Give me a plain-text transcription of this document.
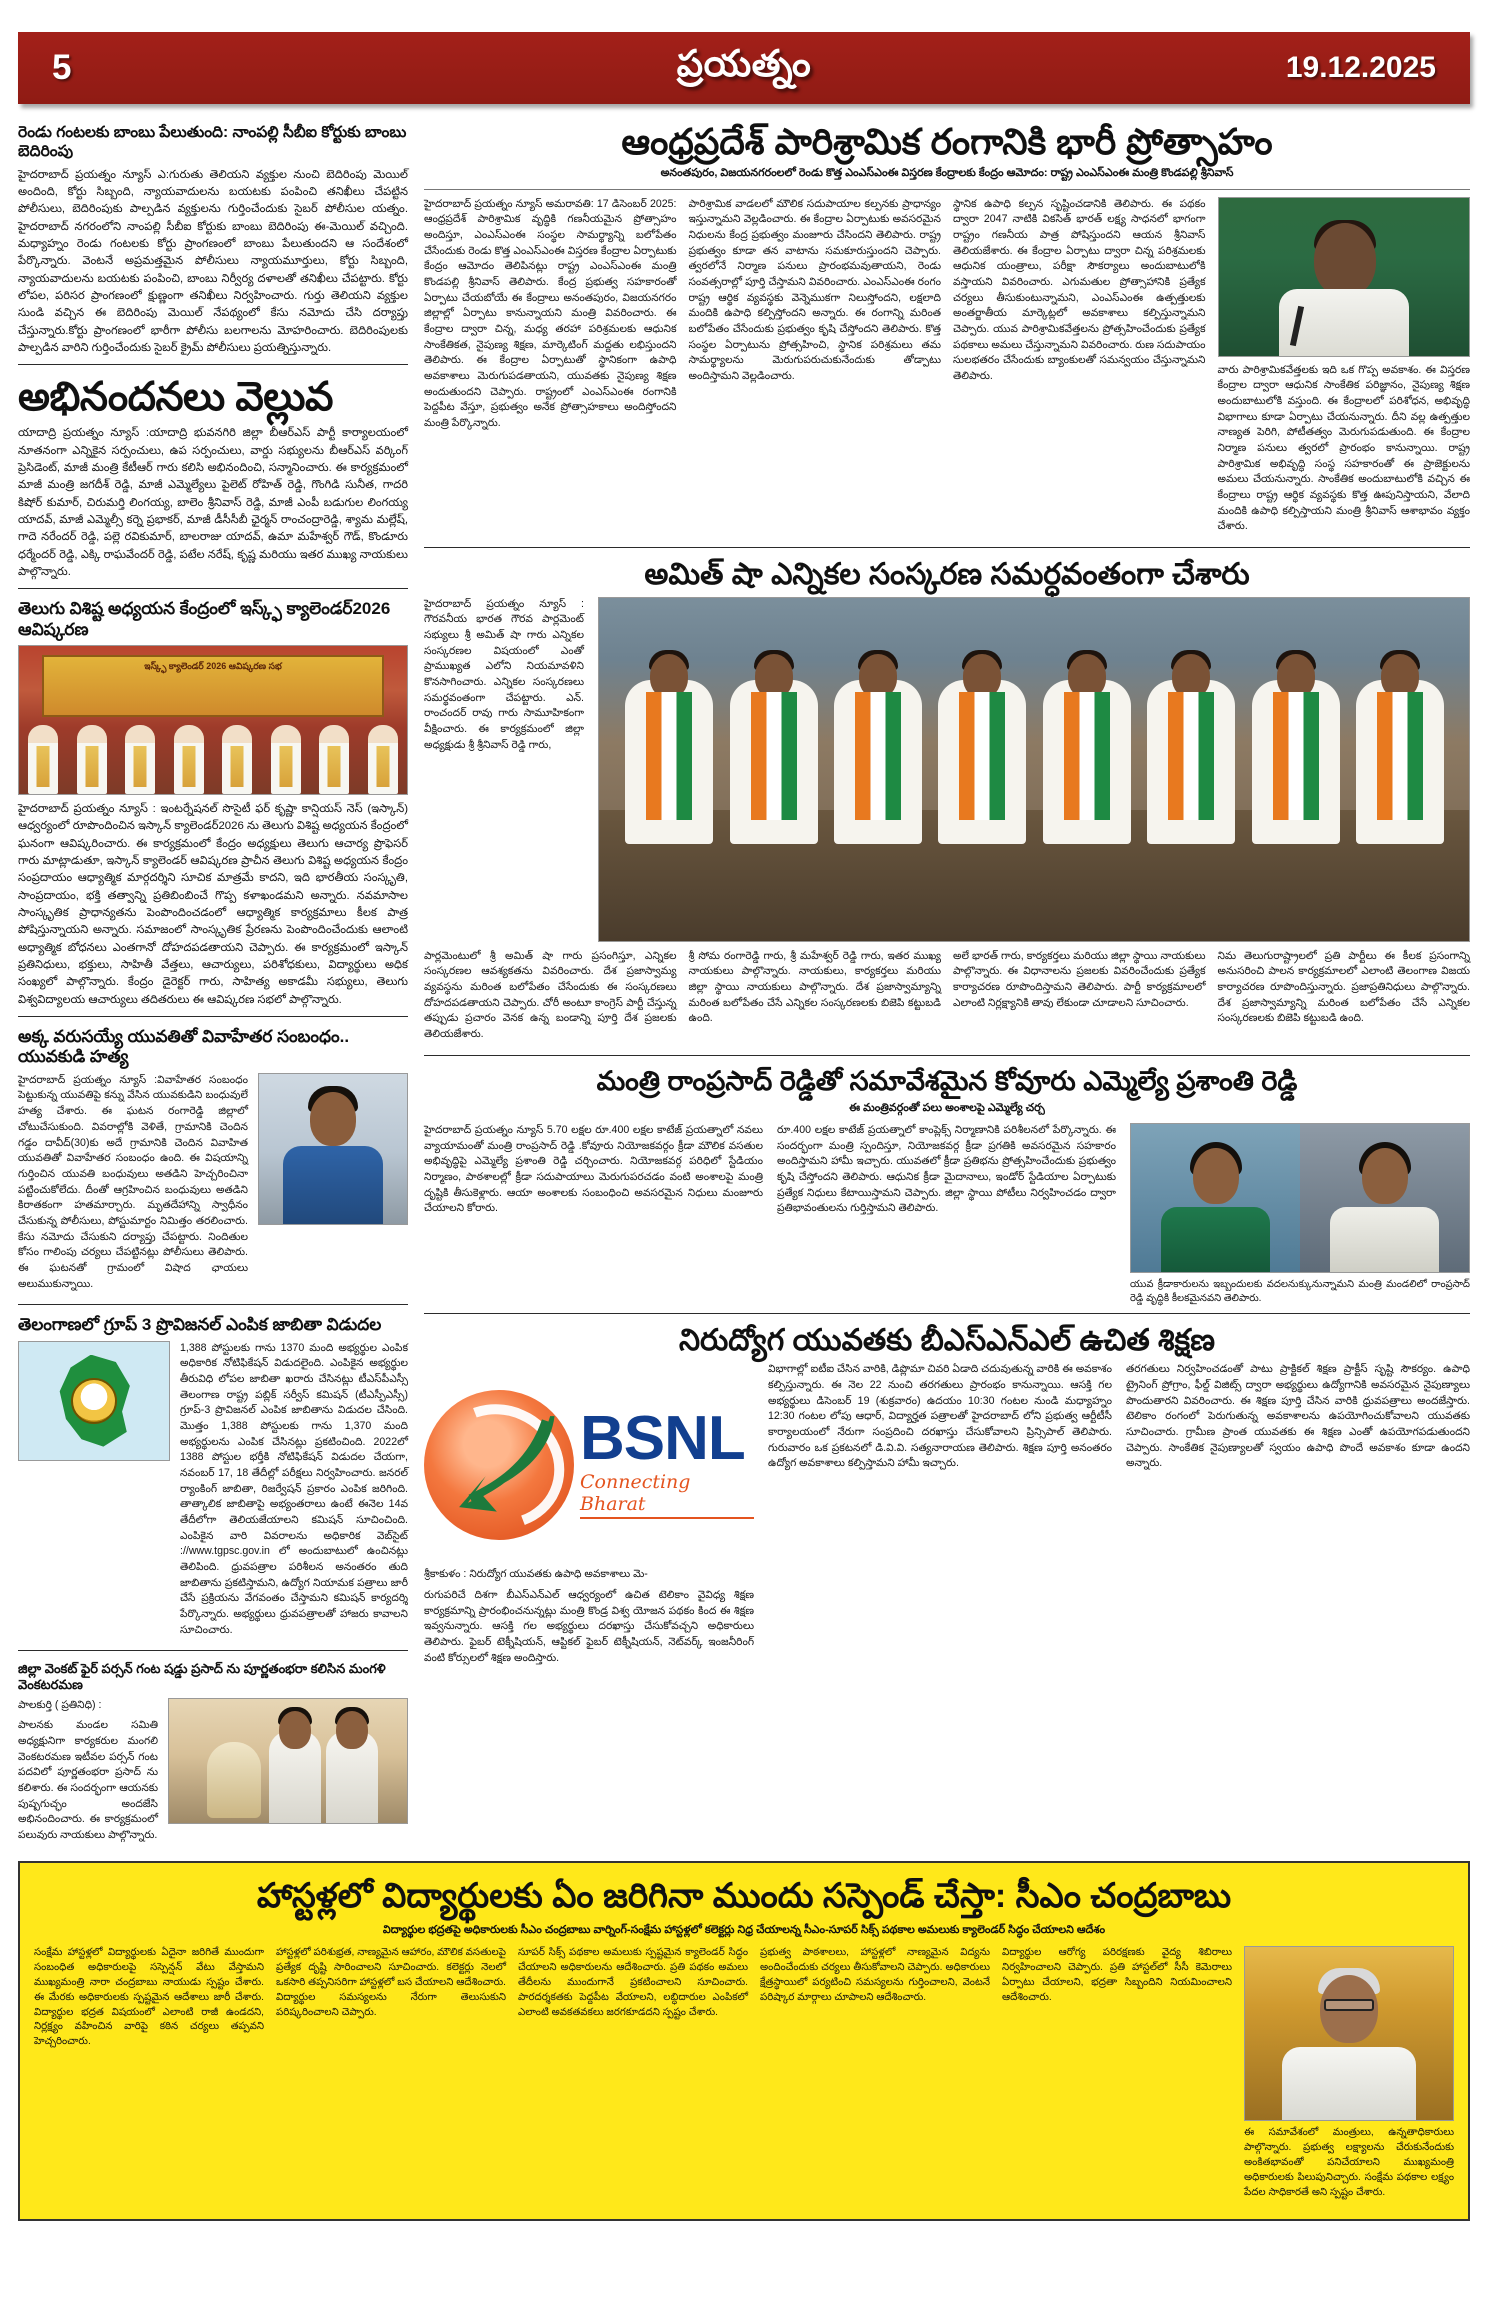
5	ప్రయత్నం	19.12.2025
రెండు గంటలకు బాంబు పేలుతుంది: నాంపల్లి సీబీఐ కోర్టుకు బాంబు బెదిరింపు
హైదరాబాద్ ప్రయత్నం న్యూస్ ఎ:గురుతు తెలియని వ్యక్తుల నుంచి బెదిరింపు మెయిల్ అందింది, కోర్టు సిబ్బంది, న్యాయవాదులను బయటకు పంపించి తనిఖీలు చేపట్టిన పోలీసులు, బెదిరింపుకు పాల్పడిన వ్యక్తులను గుర్తించేందుకు సైబర్ పోలీసుల యత్నం. హైదరాబాద్ నగరంలోని నాంపల్లి సీబీఐ కోర్టుకు బాంబు బెదిరింపు ఈ-మెయిల్ వచ్చింది. మధ్యాహ్నం రెండు గంటలకు కోర్టు ప్రాంగణంలో బాంబు పేలుతుందని ఆ సందేశంలో పేర్కొన్నారు. వెంటనే అప్రమత్తమైన పోలీసులు న్యాయమూర్తులు, కోర్టు సిబ్బంది, న్యాయవాదులను బయటకు పంపించి, బాంబు నిర్వీర్య దళాలతో తనిఖీలు చేపట్టారు. కోర్టు లోపల, పరిసర ప్రాంగణంలో క్షుణ్ణంగా తనిఖీలు నిర్వహించారు. గుర్తు తెలియని వ్యక్తుల సుండి వచ్చిన ఈ బెదిరింపు మెయిల్ నేపథ్యంలో కేసు నమోదు చేసి దర్యాప్తు చేస్తున్నారు.కోర్టు ప్రాంగణంలో భారీగా పోలీసు బలగాలను మోహరించారు. బెదిరింపులకు పాల్పడిన వారిని గుర్తించేందుకు సైబర్ క్రైమ్ పోలీసులు ప్రయత్నిస్తున్నారు.
అభినందనలు వెల్లువ
యాదాద్రి ప్రయత్నం న్యూస్ :యాదాద్రి భువనగిరి జిల్లా బీఆర్ఎస్ పార్టీ కార్యాలయంలో నూతనంగా ఎన్నికైన సర్పంచులు, ఉప సర్పంచులు, వార్డు సభ్యులను బీఆర్ఎస్ వర్కింగ్ ప్రెసిడెంట్, మాజీ మంత్రి కేటీఆర్ గారు కలిసి అభినందించి, సన్మానించారు. ఈ కార్యక్రమంలో మాజీ మంత్రి జగదీశ్ రెడ్డి, మాజీ ఎమ్మెల్యేలు పైలెట్ రోహిత్ రెడ్డి, గొంగిడి సునీత, గాదరి కిషోర్ కుమార్, చిరుమర్తి లింగయ్య, బాలెం శ్రీనివాస్ రెడ్డి, మాజీ ఎంపీ బడుగుల లింగయ్య యాదవ్, మాజీ ఎమ్మెల్సీ కర్నె ప్రభాకర్, మాజీ డీసీసీబీ ఛైర్మన్ రాంచంద్రారెడ్డి, శ్యామ మల్లేష్, గాదె నరేందర్ రెడ్డి, పల్లె రవికుమార్, బాలరాజు యాదవ్, ఉమా మహేశ్వర్ గౌడ్, కొండూరు ధర్మేందర్ రెడ్డి, ఎక్కి రాఘవేందర్ రెడ్డి, పటేల నరేష్, కృష్ణ మరియు ఇతర ముఖ్య నాయకులు పాల్గొన్నారు.
తెలుగు విశిష్ట అధ్యయన కేంద్రంలో ఇస్క్ఫ్ క్యాలెండర్2026 ఆవిష్కరణ
ఇస్క్ఫ్ క్యాలెండర్ 2026 ఆవిష్కరణ సభ
హైదరాబాద్ ప్రయత్నం న్యూస్ : ఇంటర్నేషనల్ సొసైటీ ఫర్ కృష్ణా కాన్షియస్ నెస్ (ఇస్కాన్) ఆధ్వర్యంలో రూపొందించిన ఇస్కాన్ క్యాలెండర్2026 ను తెలుగు విశిష్ట అధ్యయన కేంద్రంలో ఘనంగా ఆవిష్కరించారు. ఈ కార్యక్రమంలో కేంద్రం అధ్యక్షులు తెలుగు ఆచార్య ప్రొఫెసర్ గారు మాట్లాడుతూ, ఇస్కాన్ క్యాలెండర్ ఆవిష్కరణ ప్రాచీన తెలుగు విశిష్ట అధ్యయన కేంద్రం సంప్రదాయం ఆధ్యాత్మిక మార్గదర్శిని సూచిక మాత్రమే కాదని, ఇది భారతీయ సంస్కృతి, సాంప్రదాయం, భక్తి తత్వాన్ని ప్రతిబింబించే గొప్ప కళాఖండమని అన్నారు. నవమాసాల సాంస్కృతిక ప్రాధాన్యతను పెంపొందించడంలో ఆధ్యాత్మిక కార్యక్రమాలు కీలక పాత్ర పోషిస్తున్నాయని అన్నారు. సమాజంలో సాంస్కృతిక ప్రేరణను పెంపొందించేందుకు ఆలాంటి అధ్యాత్మిక బోధనలు ఎంతగానో దోహదపడతాయని చెప్పారు. ఈ కార్యక్రమంలో ఇస్కాన్ ప్రతినిధులు, భక్తులు, సాహితీ వేత్తలు, ఆచార్యులు, పరిశోధకులు, విద్యార్థులు అధిక సంఖ్యలో పాల్గొన్నారు. కేంద్రం డైరెక్టర్ గారు, సాహిత్య అకాడమీ సభ్యులు, తెలుగు విశ్వవిద్యాలయ ఆచార్యులు తదితరులు ఈ ఆవిష్కరణ సభలో పాల్గొన్నారు.
అక్క వరుసయ్యే యువతితో వివాహేతర సంబంధం.. యువకుడి హత్య
హైదరాబాద్ ప్రయత్నం న్యూస్ :వివాహేతర సంబంధం పెట్టుకున్న యువతిపై కన్ను వేసిన యువకుడిని బంధువులే హత్య చేశారు. ఈ ఘటన రంగారెడ్డి జిల్లాలో చోటుచేసుకుంది. వివరాల్లోకి వెళితే, గ్రామానికి చెందిన గడ్డం దావీద్(30)కు అదే గ్రామానికి చెందిన వివాహిత యువతితో వివాహేతర సంబంధం ఉంది. ఈ విషయాన్ని గుర్తించిన యువతి బంధువులు అతడిని హెచ్చరించినా పట్టించుకోలేదు. దీంతో ఆగ్రహించిన బంధువులు అతడిని కిరాతకంగా హతమార్చారు. మృతదేహాన్ని స్వాధీనం చేసుకున్న పోలీసులు, పోస్టుమార్టం నిమిత్తం తరలించారు. కేసు నమోదు చేసుకుని దర్యాప్తు చేపట్టారు. నిందితుల కోసం గాలింపు చర్యలు చేపట్టినట్లు పోలీసులు తెలిపారు. ఈ ఘటనతో గ్రామంలో విషాద ఛాయలు అలుముకున్నాయి.
తెలంగాణలో గ్రూప్ 3 ప్రొవిజనల్ ఎంపిక జాబితా విడుదల
1,388 పోస్టులకు గాను 1370 మంది అభ్యర్థుల ఎంపిక అధికారిక నోటిఫికేషన్ విడుదలైంది. ఎంపికైన అభ్యర్థుల తీరువిధి లోపల జాబితా ఖరారు చేసినట్లు టీఎస్‌పీఎస్సీ తెలంగాణ రాష్ట్ర పబ్లిక్ సర్వీస్ కమిషన్ (టీఎస్పీఎస్సీ) గ్రూప్-3 ప్రొవిజనల్ ఎంపిక జాబితాను విడుదల చేసింది. మొత్తం 1,388 పోస్టులకు గాను 1,370 మంది అభ్యర్థులను ఎంపిక చేసినట్లు ప్రకటించింది. 2022లో 1388 పోస్టుల భర్తీకి నోటిఫికేషన్ విడుదల చేయగా, నవంబర్ 17, 18 తేదీల్లో పరీక్షలు నిర్వహించారు. జనరల్ ర్యాంకింగ్ జాబితా, రిజర్వేషన్ ప్రకారం ఎంపిక జరిగింది. తాత్కాలిక జాబితాపై అభ్యంతరాలు ఉంటే ఈనెల 14వ తేదీలోగా తెలియజేయాలని కమిషన్ సూచించింది. ఎంపికైన వారి వివరాలను అధికారిక వెబ్‌సైట్ ://www.tgpsc.gov.in లో అందుబాటులో ఉంచినట్లు తెలిపింది. ధ్రువపత్రాల పరిశీలన అనంతరం తుది జాబితాను ప్రకటిస్తామని, ఉద్యోగ నియామక పత్రాలు జారీ చేసే ప్రక్రియను వేగవంతం చేస్తామని కమిషన్ కార్యదర్శి పేర్కొన్నారు. అభ్యర్థులు ధ్రువపత్రాలతో హాజరు కావాలని సూచించారు.
జిల్లా వెంకట్ ఫైర్ పర్సన్ గంట షడ్డు ప్రసాద్ ను పూర్ణతంభరా కలిసిన మంగళి వెంకటరమణ
పాలకుర్తి ( ప్రతినిధి) :
పాలనకు మండల సమితి అధ్యక్షునిగా కార్యకరుల మంగలి వెంకటరమణ ఇటీవల పర్సన్ గంట పదవిలో పూర్ణతంభరా ప్రసాద్ ను కలిశారు. ఈ సందర్భంగా ఆయనకు పుష్పగుచ్ఛం అందజేసి అభినందించారు. ఈ కార్యక్రమంలో పలువురు నాయకులు పాల్గొన్నారు.
ఆంధ్రప్రదేశ్ పారిశ్రామిక రంగానికి భారీ ప్రోత్సాహం
అనంతపురం, విజయనగరంలలో రెండు కొత్త ఎంఎస్ఎంఈ విస్తరణ కేంద్రాలకు కేంద్రం ఆమోదం: రాష్ట్ర ఎంఎస్ఎంఈ మంత్రి కొండపల్లి శ్రీనివాస్
హైదరాబాద్ ప్రయత్నం న్యూస్ అమరావతి: 17 డిసెంబర్ 2025: ఆంధ్రప్రదేశ్ పారిశ్రామిక వృద్ధికి గణనీయమైన ప్రోత్సాహం అందిస్తూ, ఎంఎస్ఎంఈ సంస్థల సామర్థ్యాన్ని బలోపేతం చేసేందుకు రెండు కొత్త ఎంఎస్ఎంఈ విస్తరణ కేంద్రాల ఏర్పాటుకు కేంద్రం ఆమోదం తెలిపినట్లు రాష్ట్ర ఎంఎస్ఎంఈ మంత్రి కొండపల్లి శ్రీనివాస్ తెలిపారు. కేంద్ర ప్రభుత్వ సహకారంతో ఏర్పాటు చేయబోయే ఈ కేంద్రాలు అనంతపురం, విజయనగరం జిల్లాల్లో ఏర్పాటు కానున్నాయని మంత్రి వివరించారు. ఈ కేంద్రాల ద్వారా చిన్న, మధ్య తరహా పరిశ్రమలకు ఆధునిక సాంకేతికత, నైపుణ్య శిక్షణ, మార్కెటింగ్ మద్దతు లభిస్తుందని తెలిపారు. ఈ కేంద్రాల ఏర్పాటుతో స్థానికంగా ఉపాధి అవకాశాలు మెరుగుపడతాయని, యువతకు నైపుణ్య శిక్షణ అందుతుందని చెప్పారు. రాష్ట్రంలో ఎంఎస్ఎంఈ రంగానికి పెద్దపీట వేస్తూ, ప్రభుత్వం అనేక ప్రోత్సాహకాలు అందిస్తోందని మంత్రి పేర్కొన్నారు.
పారిశ్రామిక వాడలలో మౌలిక సదుపాయాల కల్పనకు ప్రాధాన్యం ఇస్తున్నామని వెల్లడించారు. ఈ కేంద్రాల ఏర్పాటుకు అవసరమైన నిధులను కేంద్ర ప్రభుత్వం మంజూరు చేసిందని తెలిపారు. రాష్ట్ర ప్రభుత్వం కూడా తన వాటాను సమకూరుస్తుందని చెప్పారు. త్వరలోనే నిర్మాణ పనులు ప్రారంభమవుతాయని, రెండు సంవత్సరాల్లో పూర్తి చేస్తామని వివరించారు. ఎంఎస్ఎంఈ రంగం రాష్ట్ర ఆర్థిక వ్యవస్థకు వెన్నెముకగా నిలుస్తోందని, లక్షలాది మందికి ఉపాధి కల్పిస్తోందని అన్నారు. ఈ రంగాన్ని మరింత బలోపేతం చేసేందుకు ప్రభుత్వం కృషి చేస్తోందని తెలిపారు. కొత్త సంస్థల ఏర్పాటును ప్రోత్సహించి, స్థానిక పరిశ్రమలు తమ సామర్థ్యాలను మెరుగుపరుచుకునేందుకు తోడ్పాటు అందిస్తామని వెల్లడించారు.
స్థానిక ఉపాధి కల్పన సృష్టించడానికి తెలిపారు. ఈ పథకం ద్వారా 2047 నాటికి వికసిత్ భారత్ లక్ష్య సాధనలో భాగంగా రాష్ట్రం గణనీయ పాత్ర పోషిస్తుందని ఆయన శ్రీనివాస్ తెలియజేశారు. ఈ కేంద్రాల ఏర్పాటు ద్వారా చిన్న పరిశ్రమలకు ఆధునిక యంత్రాలు, పరీక్షా సౌకర్యాలు అందుబాటులోకి వస్తాయని వివరించారు. ఎగుమతుల ప్రోత్సాహానికి ప్రత్యేక చర్యలు తీసుకుంటున్నామని, ఎంఎస్ఎంఈ ఉత్పత్తులకు అంతర్జాతీయ మార్కెట్లలో అవకాశాలు కల్పిస్తున్నామని చెప్పారు. యువ పారిశ్రామికవేత్తలను ప్రోత్సహించేందుకు ప్రత్యేక పథకాలు అమలు చేస్తున్నామని వివరించారు. రుణ సదుపాయం సులభతరం చేసేందుకు బ్యాంకులతో సమన్వయం చేస్తున్నామని తెలిపారు.
వారు పారిశ్రామికవేత్తలకు ఇది ఒక గొప్ప అవకాశం. ఈ విస్తరణ కేంద్రాల ద్వారా ఆధునిక సాంకేతిక పరిజ్ఞానం, నైపుణ్య శిక్షణ అందుబాటులోకి వస్తుంది. ఈ కేంద్రాలలో పరిశోధన, అభివృద్ధి విభాగాలు కూడా ఏర్పాటు చేయనున్నారు. దీని వల్ల ఉత్పత్తుల నాణ్యత పెరిగి, పోటీతత్వం మెరుగుపడుతుంది. ఈ కేంద్రాల నిర్మాణ పనులు త్వరలో ప్రారంభం కానున్నాయి. రాష్ట్ర పారిశ్రామిక అభివృద్ధి సంస్థ సహకారంతో ఈ ప్రాజెక్టులను అమలు చేయనున్నారు. సాంకేతిక అందుబాటులోకి వచ్చిన ఈ కేంద్రాలు రాష్ట్ర ఆర్థిక వ్యవస్థకు కొత్త ఊపునిస్తాయని, వేలాది మందికి ఉపాధి కల్పిస్తాయని మంత్రి శ్రీనివాస్ ఆశాభావం వ్యక్తం చేశారు.
అమిత్ షా ఎన్నికల సంస్కరణ సమర్ధవంతంగా చేశారు
హైదరాబాద్ ప్రయత్నం న్యూస్ : గౌరవనీయ భారత గౌరవ పార్లమెంట్ సభ్యులు శ్రీ అమిత్ షా గారు ఎన్నికల సంస్కరణల విషయంలో ఎంతో ప్రాముఖ్యత ఎలోని నియమావళిని కొనసాగించారు. ఎన్నికల సంస్కరణలు సమర్థవంతంగా చేపట్టారు. ఎన్. రాంచందర్ రావు గారు సామూహికంగా వీక్షించారు. ఈ కార్యక్రమంలో జిల్లా అధ్యక్షుడు శ్రీ శ్రీనివాస్ రెడ్డి గారు,
పార్లమెంటులో శ్రీ అమిత్ షా గారు ప్రసంగిస్తూ, ఎన్నికల సంస్కరణల ఆవశ్యకతను వివరించారు. దేశ ప్రజాస్వామ్య వ్యవస్థను మరింత బలోపేతం చేసేందుకు ఈ సంస్కరణలు దోహదపడతాయని చెప్పారు. చోరీ అంటూ కాంగ్రెస్ పార్టీ చేస్తున్న తప్పుడు ప్రచారం వెనక ఉన్న బండాన్ని పూర్తి దేశ ప్రజలకు తెలియజేశారు.
శ్రీ సోమ రంగారెడ్డి గారు, శ్రీ మహేశ్వర్ రెడ్డి గారు, ఇతర ముఖ్య నాయకులు పాల్గొన్నారు. నాయకులు, కార్యకర్తలు మరియు జిల్లా స్థాయి నాయకులు పాల్గొన్నారు. దేశ ప్రజాస్వామ్యాన్ని మరింత బలోపేతం చేసే ఎన్నికల సంస్కరణలకు బిజెపి కట్టుబడి ఉంది.
అలే భారత్ గారు, కార్యకర్తలు మరియు జిల్లా స్థాయి నాయకులు పాల్గొన్నారు. ఈ విధానాలను ప్రజలకు వివరించేందుకు ప్రత్యేక కార్యాచరణ రూపొందిస్తామని తెలిపారు. పార్టీ కార్యక్రమాలలో ఎలాంటి నిర్లక్ష్యానికి తావు లేకుండా చూడాలని సూచించారు.
నిమ తెలుగురాష్ట్రాలలో ప్రతి పార్టీలు ఈ కీలక ప్రసంగాన్ని అనుసరించి పాలన కార్యక్రమాలలో ఎలాంటి తెలంగాణ విజయ కార్యాచరణ రూపొందిస్తున్నారు. ప్రజాప్రతినిధులు పాల్గొన్నారు. దేశ ప్రజాస్వామ్యాన్ని మరింత బలోపేతం చేసే ఎన్నికల సంస్కరణలకు బిజెపి కట్టుబడి ఉంది.
మంత్రి రాంప్రసాద్ రెడ్డితో సమావేశమైన కోవూరు ఎమ్మెల్యే ప్రశాంతి రెడ్డి
ఈ మంత్రివర్గంతో పలు అంశాలపై ఎమ్మెల్యే చర్చ
హైదరాబాద్ ప్రయత్నం న్యూస్ 5.70 లక్షల రూ.400 లక్షల కాటేజ్ ప్రయత్నాలో నవలు వ్యాయామంతో మంత్రి రాంప్రసాద్ రెడ్డి .కోవూరు నియోజకవర్గం క్రీడా మౌలిక వసతుల అభివృద్ధిపై ఎమ్మెల్యే ప్రశాంతి రెడ్డి చర్చించారు. నియోజకవర్గ పరిధిలో స్టేడియం నిర్మాణం, పాఠశాలల్లో క్రీడా సదుపాయాలు మెరుగుపరచడం వంటి అంశాలపై మంత్రి దృష్టికి తీసుకెళ్లారు. ఆయా అంశాలకు సంబంధించి అవసరమైన నిధులు మంజూరు చేయాలని కోరారు.
రూ.400 లక్షల కాటేజ్ ప్రయత్నాలో కాంప్లెక్స్ నిర్మాణానికి పరిశీలనలో పేర్కొన్నారు. ఈ సందర్భంగా మంత్రి స్పందిస్తూ, నియోజకవర్గ క్రీడా ప్రగతికి అవసరమైన సహకారం అందిస్తామని హామీ ఇచ్చారు. యువతలో క్రీడా ప్రతిభను ప్రోత్సహించేందుకు ప్రభుత్వం కృషి చేస్తోందని తెలిపారు. ఆధునిక క్రీడా మైదానాలు, ఇండోర్ స్టేడియాల ఏర్పాటుకు ప్రత్యేక నిధులు కేటాయిస్తామని చెప్పారు. జిల్లా స్థాయి పోటీలు నిర్వహించడం ద్వారా ప్రతిభావంతులను గుర్తిస్తామని తెలిపారు.
యువ క్రీడాకారులను ఇబ్బందులకు వదలనుక్కునున్నామని మంత్రి మండలిలో రాంప్రసాద్ రెడ్డి వృద్ధికి కీలకమైనవని తెలిపారు.
నిరుద్యోగ యువతకు బీఎస్ఎన్ఎల్ ఉచిత శిక్షణ
BSNL
Connecting Bharat
శ్రీకాకుళం : నిరుద్యోగ యువతకు ఉపాధి అవకాశాలు మె-
రుగుపరిచే దిశగా బీఎస్ఎన్ఎల్ ఆధ్వర్యంలో ఉచిత టెలికాం వైవిధ్య శిక్షణ కార్యక్రమాన్ని ప్రారంభించనున్నట్లు మంత్రి కొండ్ర విశ్వ యోజన పథకం కింద ఈ శిక్షణ ఇవ్వనున్నారు. ఆసక్తి గల అభ్యర్థులు దరఖాస్తు చేసుకోవచ్చని అధికారులు తెలిపారు. ఫైబర్ టెక్నీషియన్, ఆప్టికల్ ఫైబర్ టెక్నీషియన్, నెట్‌వర్క్ ఇంజనీరింగ్ వంటి కోర్సులలో శిక్షణ అందిస్తారు.
విభాగాల్లో ఐటీఐ చేసిన వారికి, డిప్లొమా చివరి ఏడాది చదువుతున్న వారికి ఈ అవకాశం కల్పిస్తున్నారు. ఈ నెల 22 నుంచి తరగతులు ప్రారంభం కానున్నాయి. ఆసక్తి గల అభ్యర్థులు డిసెంబర్ 19 (శుక్రవారం) ఉదయం 10:30 గంటల నుండి మధ్యాహ్నం 12:30 గంటల లోపు ఆధార్, విద్యార్హత పత్రాలతో హైదరాబాద్ లోని ప్రభుత్వ ఆర్టీటీసీ కార్యాలయంలో నేరుగా సంప్రదించి దరఖాస్తు చేసుకోవాలని ప్రిన్సిపాల్ తెలిపారు. గురువారం ఒక ప్రకటనలో డి.వి.వి. సత్యనారాయణ తెలిపారు. శిక్షణ పూర్తి అనంతరం ఉద్యోగ అవకాశాలు కల్పిస్తామని హామీ ఇచ్చారు.
తరగతులు నిర్వహించడంతో పాటు ప్రాక్టికల్ శిక్షణ ప్రాక్టీస్ సృష్టి సౌకర్యం. ఉపాధి ట్రైనింగ్ ప్రోగ్రాం, ఫీల్డ్ విజిట్స్ ద్వారా అభ్యర్థులు ఉద్యోగానికి అవసరమైన నైపుణ్యాలు పొందుతారని వివరించారు. ఈ శిక్షణ పూర్తి చేసిన వారికి ధ్రువపత్రాలు అందజేస్తారు. టెలికాం రంగంలో పెరుగుతున్న అవకాశాలను ఉపయోగించుకోవాలని యువతకు సూచించారు. గ్రామీణ ప్రాంత యువతకు ఈ శిక్షణ ఎంతో ఉపయోగపడుతుందని చెప్పారు. సాంకేతిక నైపుణ్యాలతో స్వయం ఉపాధి పొందే అవకాశం కూడా ఉందని అన్నారు.
హాస్టళ్లలో విద్యార్థులకు ఏం జరిగినా ముందు సస్పెండ్ చేస్తా: సీఎం చంద్రబాబు
విద్యార్థుల భద్రతపై అధికారులకు సీఎం చంద్రబాబు వార్నింగ్-సంక్షేమ హాస్టళ్లలో కలెక్టర్లు నిధ్ర చేయాలన్న సీఎం-సూపర్ సిక్స్ పథకాల అమలుకు క్యాలెండర్ సిద్ధం చేయాలని ఆదేశం
సంక్షేమ హాస్టళ్లలో విద్యార్థులకు ఏదైనా జరిగితే ముందుగా సంబంధిత అధికారులపై సస్పెన్షన్ వేటు వేస్తామని ముఖ్యమంత్రి నారా చంద్రబాబు నాయుడు స్పష్టం చేశారు. ఈ మేరకు అధికారులకు స్పష్టమైన ఆదేశాలు జారీ చేశారు. విద్యార్థుల భద్రత విషయంలో ఎలాంటి రాజీ ఉండదని, నిర్లక్ష్యం వహించిన వారిపై కఠిన చర్యలు తప్పవని హెచ్చరించారు.
హాస్టళ్లలో పరిశుభ్రత, నాణ్యమైన ఆహారం, మౌలిక వసతులపై ప్రత్యేక దృష్టి సారించాలని సూచించారు. కలెక్టర్లు నెలలో ఒకసారి తప్పనిసరిగా హాస్టళ్లలో బస చేయాలని ఆదేశించారు. విద్యార్థుల సమస్యలను నేరుగా తెలుసుకుని పరిష్కరించాలని చెప్పారు.
సూపర్ సిక్స్ పథకాల అమలుకు స్పష్టమైన క్యాలెండర్ సిద్ధం చేయాలని అధికారులను ఆదేశించారు. ప్రతి పథకం అమలు తేదీలను ముందుగానే ప్రకటించాలని సూచించారు. పారదర్శకతకు పెద్దపీట వేయాలని, లబ్ధిదారుల ఎంపికలో ఎలాంటి అవకతవకలు జరగకూడదని స్పష్టం చేశారు.
ప్రభుత్వ పాఠశాలలు, హాస్టళ్లలో నాణ్యమైన విద్యను అందించేందుకు చర్యలు తీసుకోవాలని చెప్పారు. అధికారులు క్షేత్రస్థాయిలో పర్యటించి సమస్యలను గుర్తించాలని, వెంటనే పరిష్కార మార్గాలు చూపాలని ఆదేశించారు.
విద్యార్థుల ఆరోగ్య పరిరక్షణకు వైద్య శిబిరాలు నిర్వహించాలని చెప్పారు. ప్రతి హాస్టల్‌లో సీసీ కెమెరాలు ఏర్పాటు చేయాలని, భద్రతా సిబ్బందిని నియమించాలని ఆదేశించారు.
ఈ సమావేశంలో మంత్రులు, ఉన్నతాధికారులు పాల్గొన్నారు. ప్రభుత్వ లక్ష్యాలను చేరుకునేందుకు అంకితభావంతో పనిచేయాలని ముఖ్యమంత్రి అధికారులకు పిలుపునిచ్చారు. సంక్షేమ పథకాల లక్ష్యం పేదల సాధికారతే అని స్పష్టం చేశారు.
